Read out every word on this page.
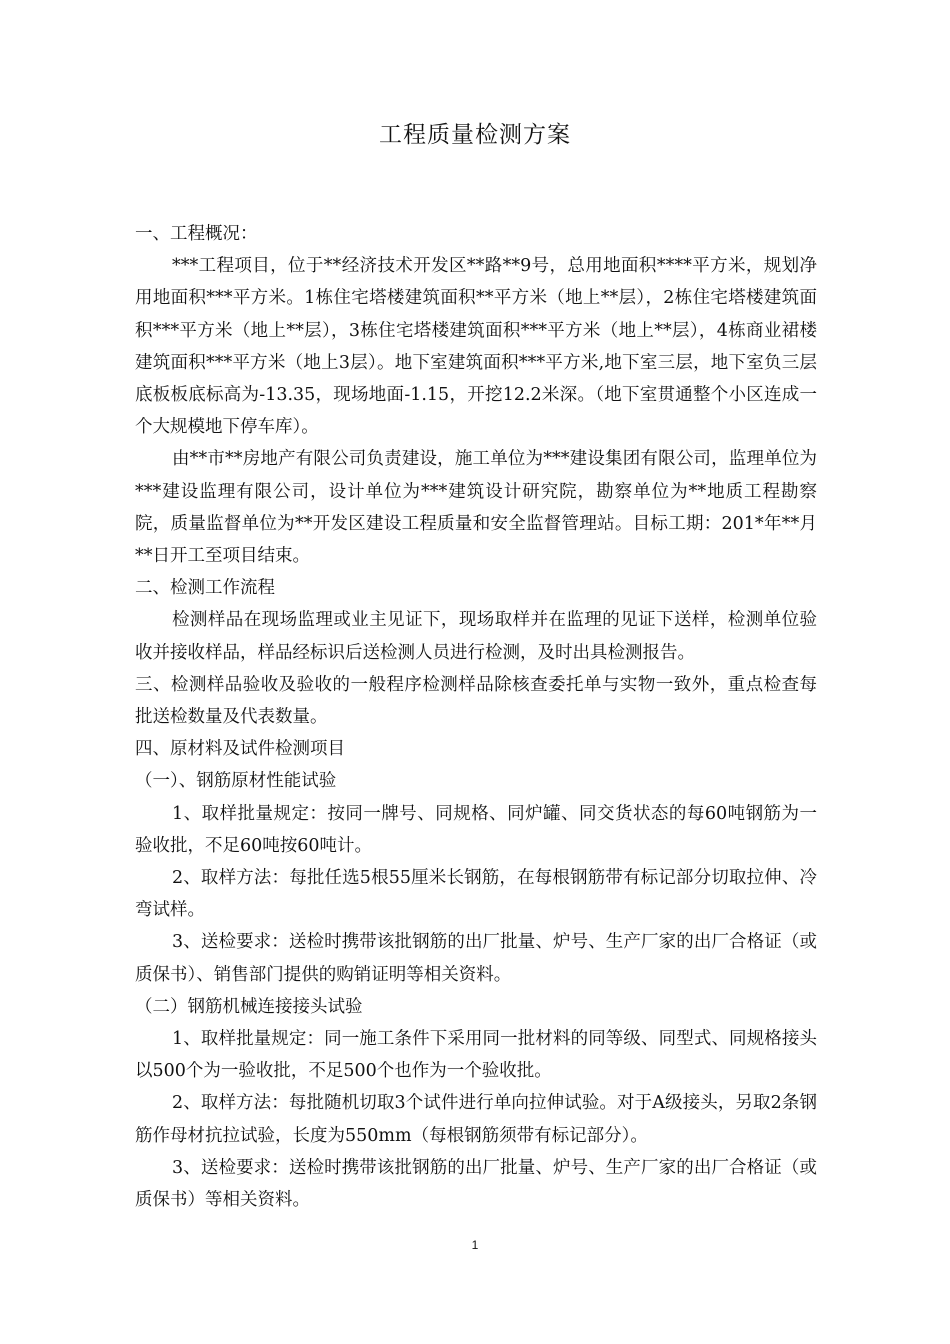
工程质量检测方案

一、工程概况：

***工程项目，位于**经济技术开发区**路**9号，总用地面积****平方米，规划净用地面积***平方米。1栋住宅塔楼建筑面积**平方米（地上**层），2栋住宅塔楼建筑面积***平方米（地上**层），3栋住宅塔楼建筑面积***平方米（地上**层），4栋商业裙楼建筑面积***平方米（地上3层）。地下室建筑面积***平方米,地下室三层，地下室负三层底板板底标高为-13.35，现场地面-1.15，开挖12.2米深。（地下室贯通整个小区连成一个大规模地下停车库）。

由**市**房地产有限公司负责建设，施工单位为***建设集团有限公司，监理单位为***建设监理有限公司，设计单位为***建筑设计研究院，勘察单位为**地质工程勘察院，质量监督单位为**开发区建设工程质量和安全监督管理站。目标工期：201*年**月**日开工至项目结束。

二、检测工作流程

检测样品在现场监理或业主见证下，现场取样并在监理的见证下送样，检测单位验收并接收样品，样品经标识后送检测人员进行检测，及时出具检测报告。

三、检测样品验收及验收的一般程序检测样品除核查委托单与实物一致外，重点检查每批送检数量及代表数量。

四、原材料及试件检测项目

（一）、钢筋原材性能试验

1、取样批量规定：按同一牌号、同规格、同炉罐、同交货状态的每60吨钢筋为一验收批，不足60吨按60吨计。

2、取样方法：每批任选5根55厘米长钢筋，在每根钢筋带有标记部分切取拉伸、冷弯试样。

3、送检要求：送检时携带该批钢筋的出厂批量、炉号、生产厂家的出厂合格证（或质保书）、销售部门提供的购销证明等相关资料。

（二）钢筋机械连接接头试验

1、取样批量规定：同一施工条件下采用同一批材料的同等级、同型式、同规格接头以500个为一验收批，不足500个也作为一个验收批。

2、取样方法：每批随机切取3个试件进行单向拉伸试验。对于A级接头，另取2条钢筋作母材抗拉试验，长度为550mm（每根钢筋须带有标记部分）。

3、送检要求：送检时携带该批钢筋的出厂批量、炉号、生产厂家的出厂合格证（或质保书）等相关资料。

1
